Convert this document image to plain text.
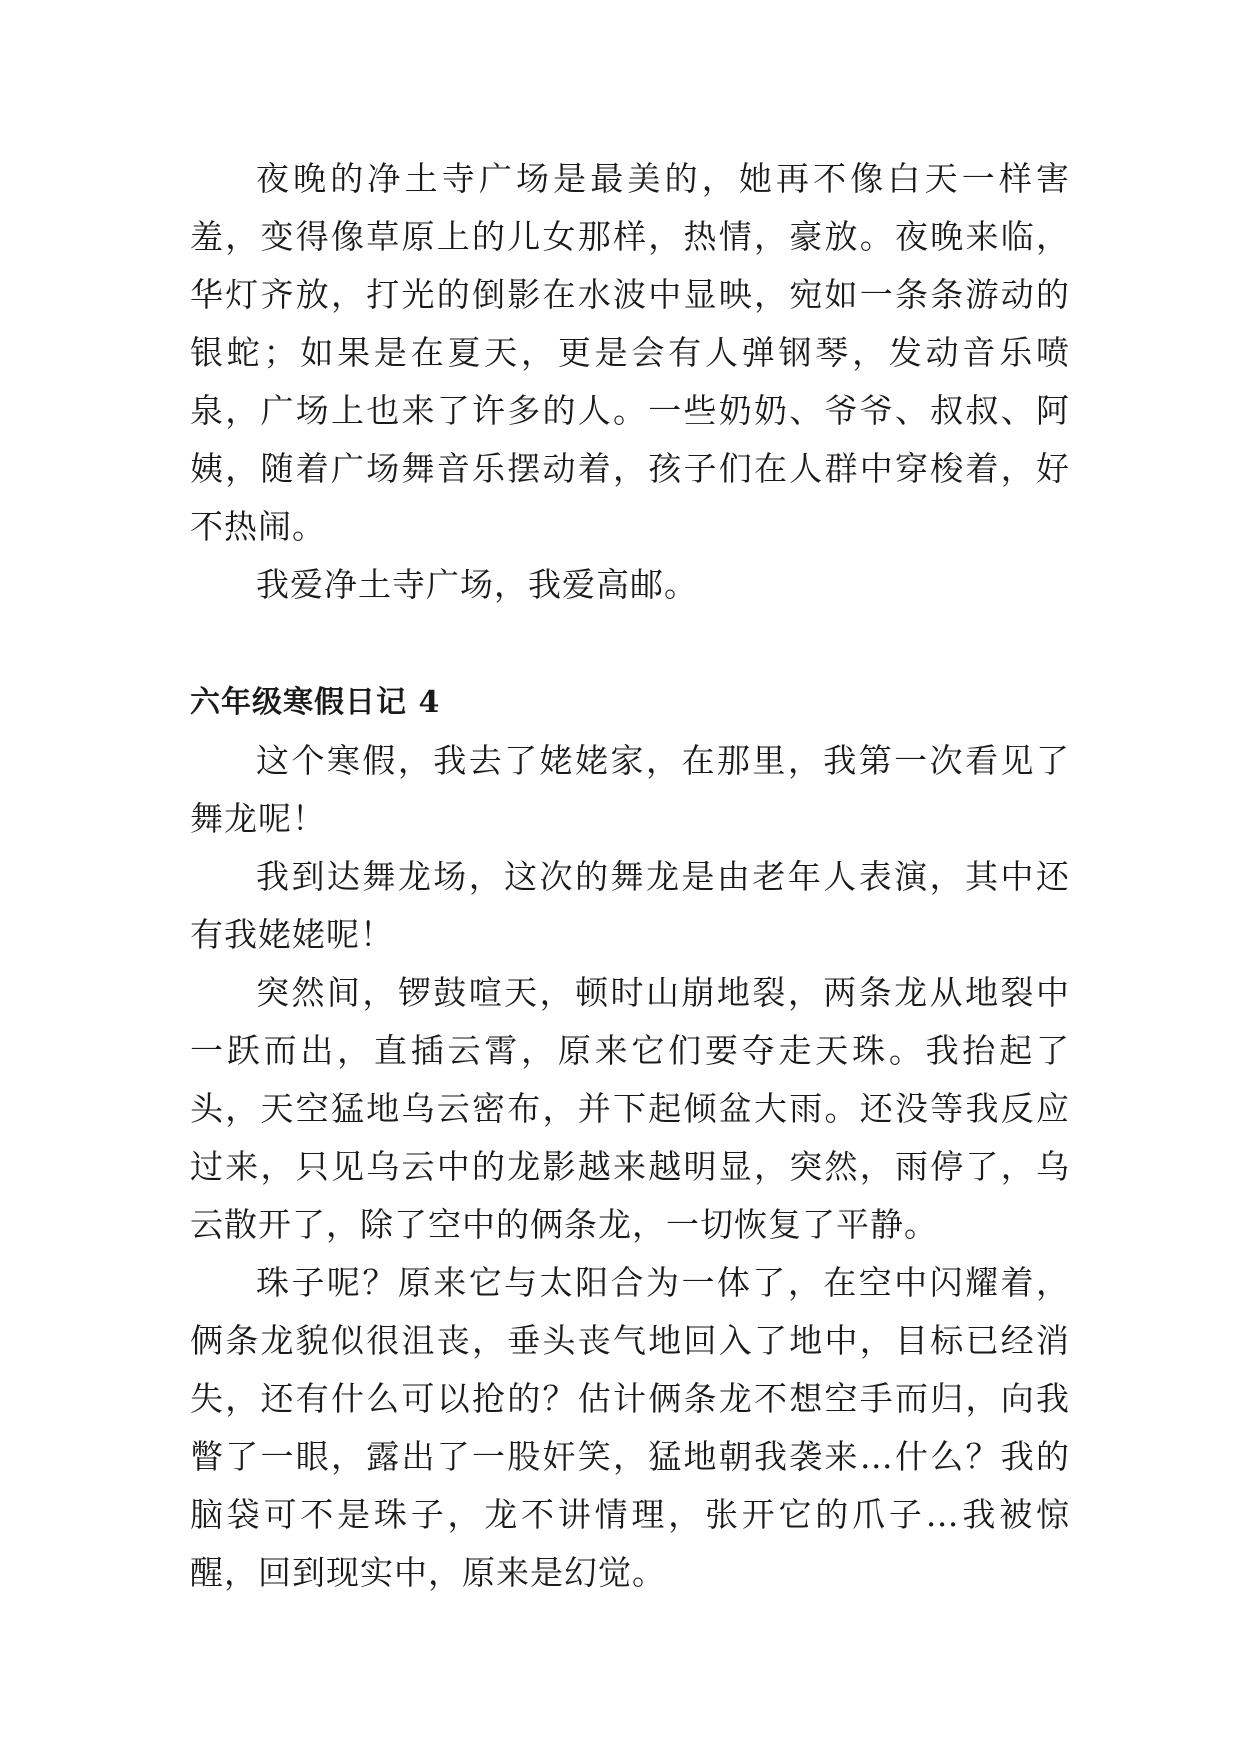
夜晚的净土寺广场是最美的，她再不像白天一样害羞，变得像草原上的儿女那样，热情，豪放。夜晚来临，华灯齐放，打光的倒影在水波中显映，宛如一条条游动的银蛇；如果是在夏天，更是会有人弹钢琴，发动音乐喷泉，广场上也来了许多的人。一些奶奶、爷爷、叔叔、阿姨，随着广场舞音乐摆动着，孩子们在人群中穿梭着，好不热闹。

我爱净土寺广场，我爱高邮。

六年级寒假日记 4

这个寒假，我去了姥姥家，在那里，我第一次看见了舞龙呢！

我到达舞龙场，这次的舞龙是由老年人表演，其中还有我姥姥呢！

突然间，锣鼓喧天，顿时山崩地裂，两条龙从地裂中一跃而出，直插云霄，原来它们要夺走天珠。我抬起了头，天空猛地乌云密布，并下起倾盆大雨。还没等我反应过来，只见乌云中的龙影越来越明显，突然，雨停了，乌云散开了，除了空中的俩条龙，一切恢复了平静。

珠子呢？原来它与太阳合为一体了，在空中闪耀着，俩条龙貌似很沮丧，垂头丧气地回入了地中，目标已经消失，还有什么可以抢的？估计俩条龙不想空手而归，向我瞥了一眼，露出了一股奸笑，猛地朝我袭来…什么？我的脑袋可不是珠子，龙不讲情理，张开它的爪子…我被惊醒，回到现实中，原来是幻觉。
